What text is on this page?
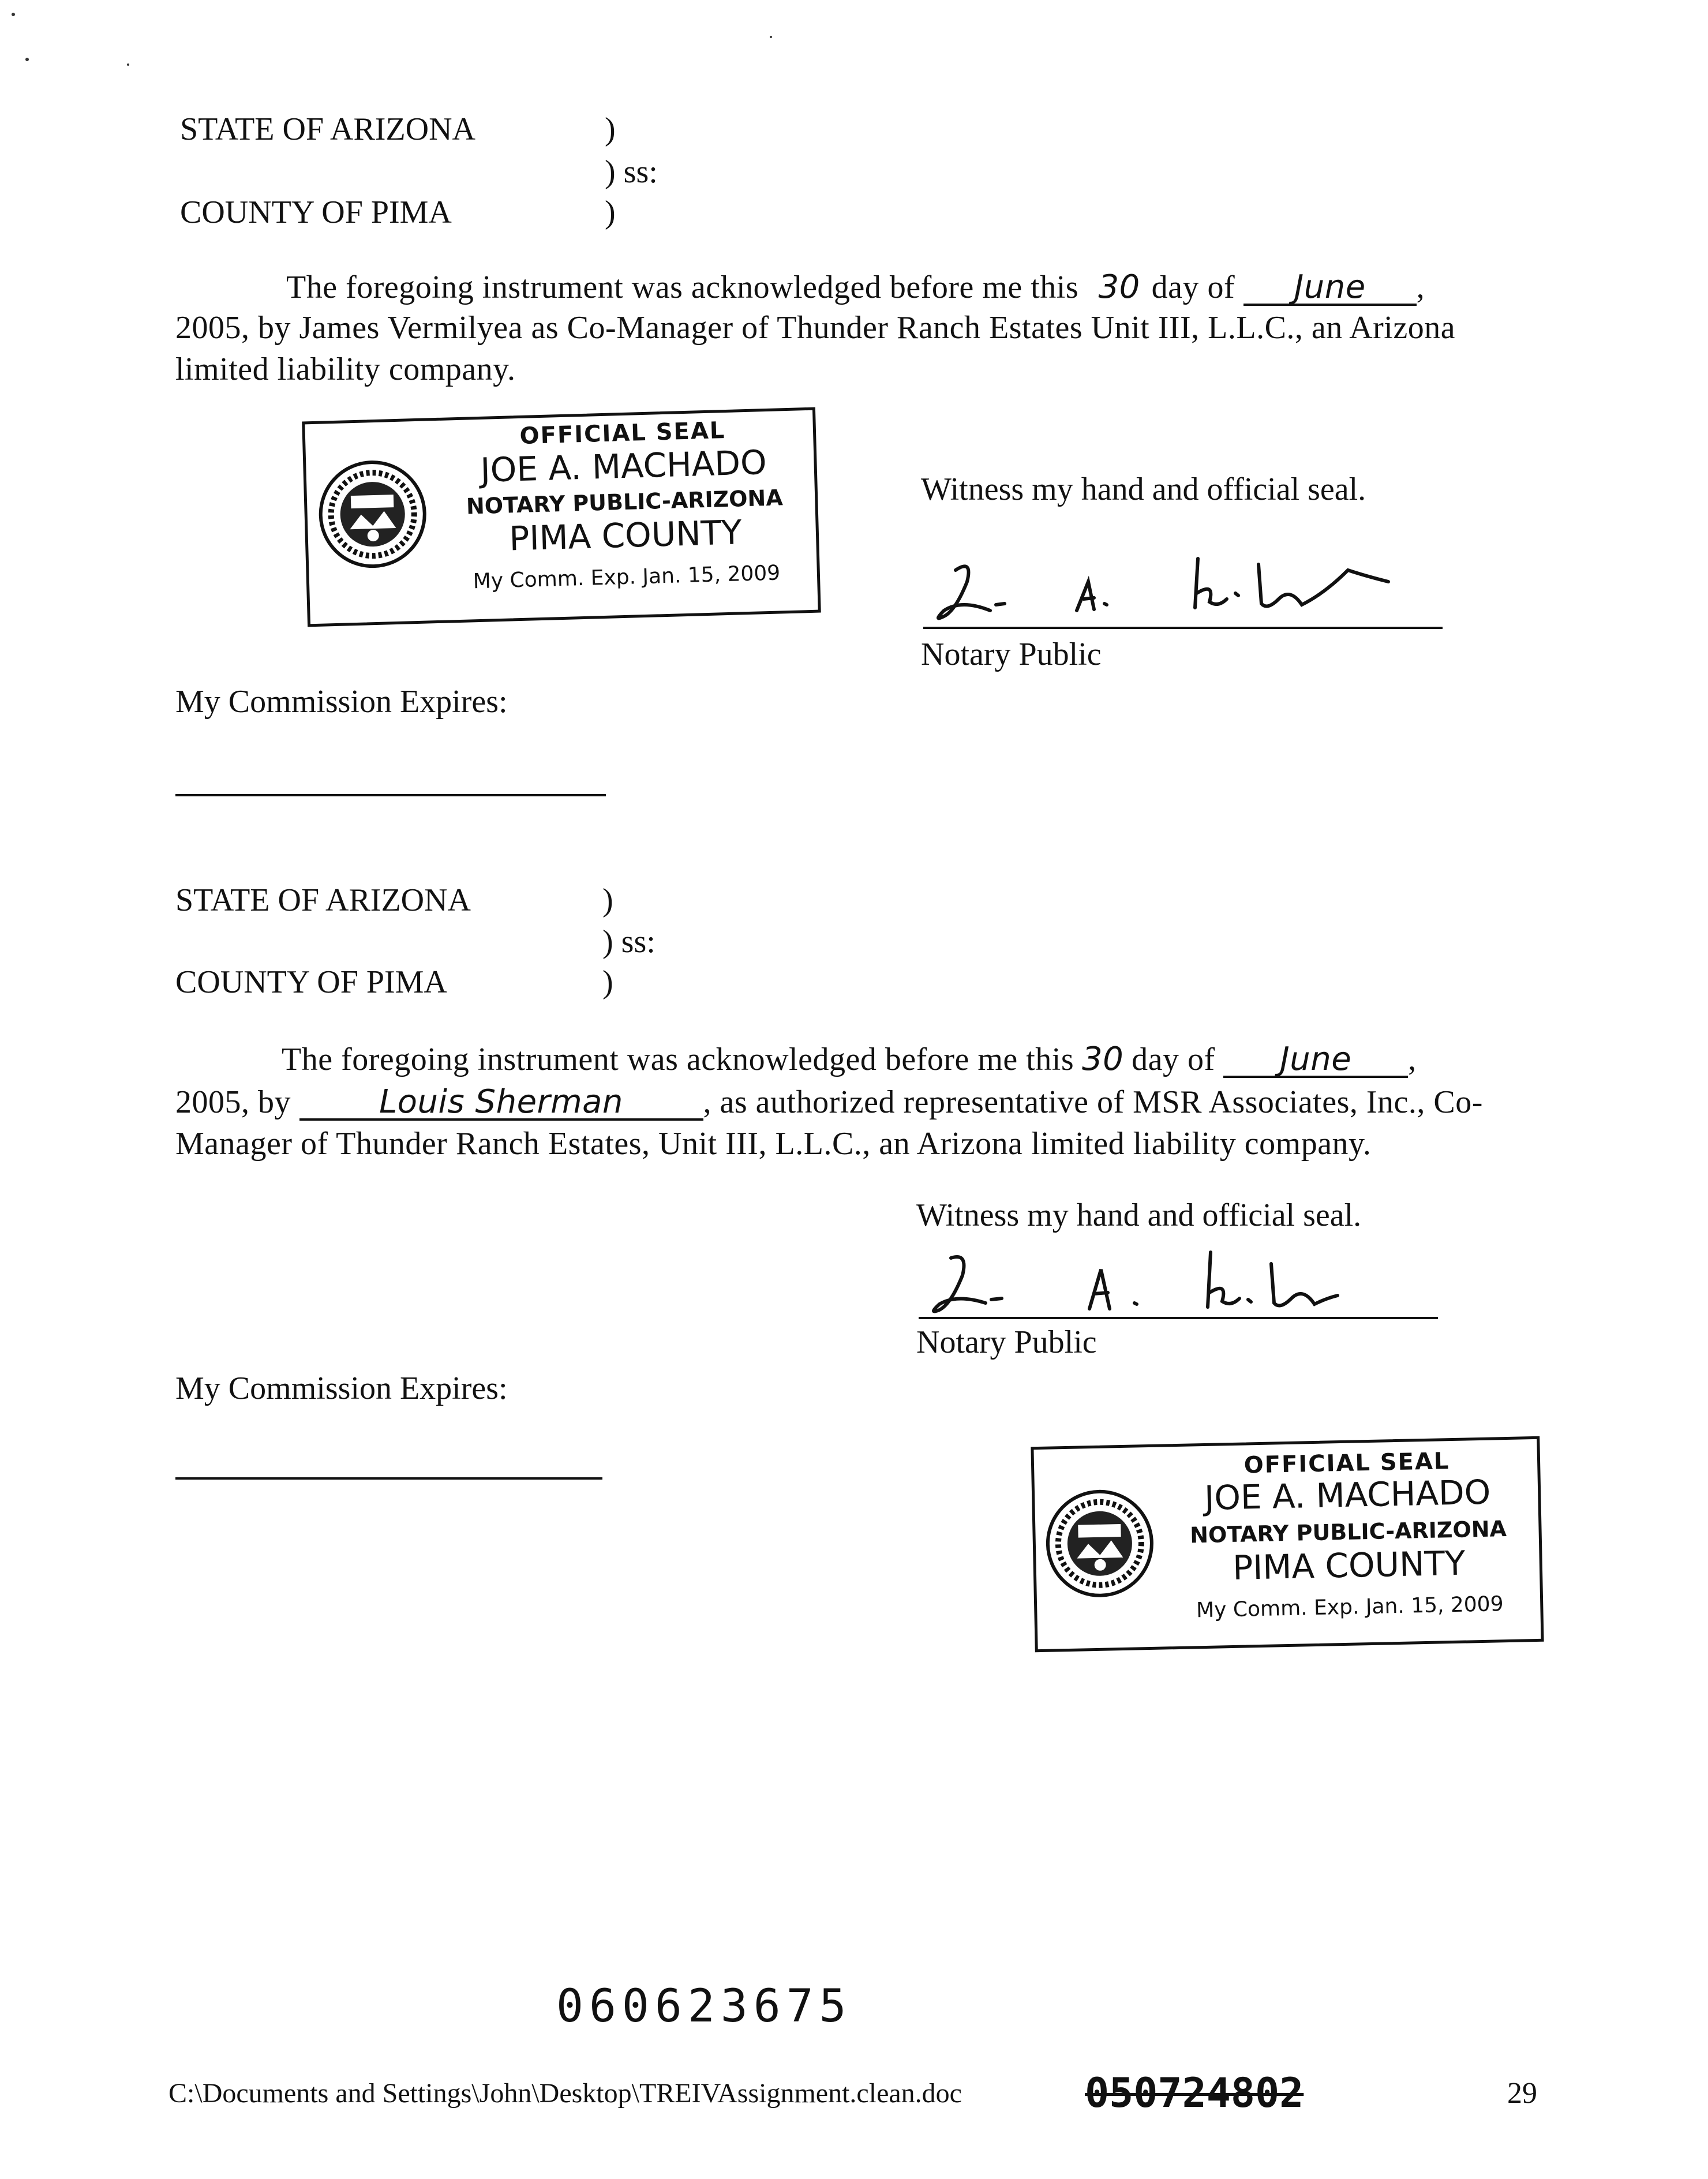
STATE OF ARIZONA	)
) ss:
COUNTY OF PIMA	)
The foregoing instrument was acknowledged before me this 30 day of June ,
2005, by James Vermilyea as Co-Manager of Thunder Ranch Estates Unit III, L.L.C., an Arizona
limited liability company.
OFFICIAL SEAL
JOE A. MACHADO
NOTARY PUBLIC-ARIZONA
PIMA COUNTY
My Comm. Exp. Jan. 15, 2009
Witness my hand and official seal.
Notary Public
My Commission Expires:
STATE OF ARIZONA	)
) ss:
COUNTY OF PIMA	)
The foregoing instrument was acknowledged before me this 30 day of June ,
2005, by	Louis Sherman , as authorized representative of MSR Associates, Inc., Co-
Manager of Thunder Ranch Estates, Unit III, L.L.C., an Arizona limited liability company.
Witness my hand and official seal.
Notary Public
My Commission Expires:
OFFICIAL SEAL
JOE A. MACHADO
NOTARY PUBLIC-ARIZONA
PIMA COUNTY
My Comm. Exp. Jan. 15, 2009
060623675
C:\Documents and Settings\John\Desktop\TREIVAssignment.clean.doc	050724802	29
